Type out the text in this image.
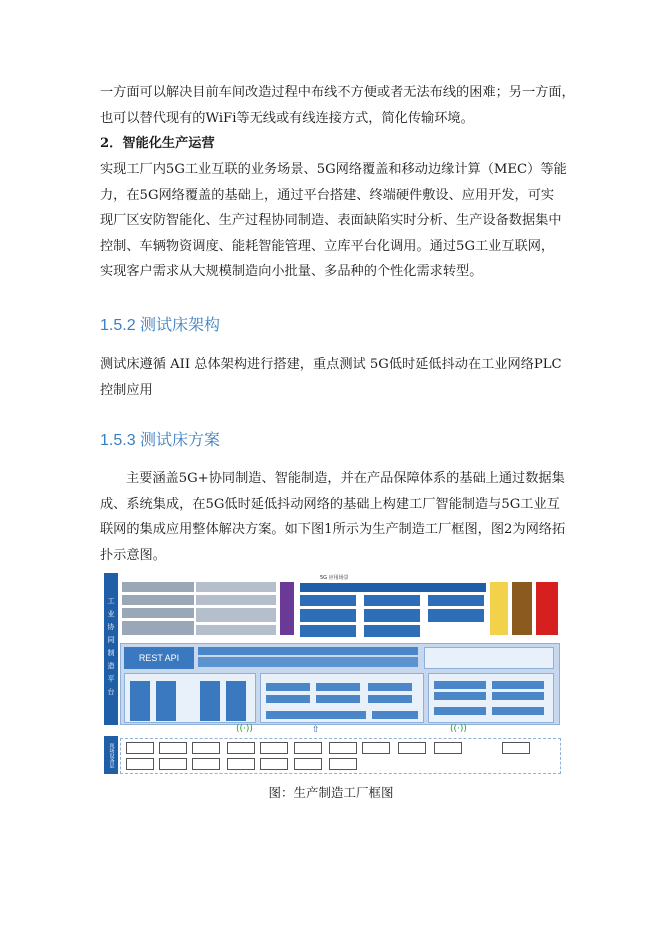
一方面可以解决目前车间改造过程中布线不方便或者无法布线的困难；另一方面，
也可以替代现有的WiFi等无线或有线连接方式，简化传输环境。
2．智能化生产运营
实现工厂内5G工业互联的业务场景、5G网络覆盖和移动边缘计算（MEC）等能
力，在5G网络覆盖的基础上，通过平台搭建、终端硬件敷设、应用开发，可实
现厂区安防智能化、生产过程协同制造、表面缺陷实时分析、生产设备数据集中
控制、车辆物资调度、能耗智能管理、立库平台化调用。通过5G工业互联网，
实现客户需求从大规模制造向小批量、多品种的个性化需求转型。
1.5.2 测试床架构
测试床遵循 AII 总体架构进行搭建，重点测试 5G低时延低抖动在工业网络PLC
控制应用
1.5.3 测试床方案
主要涵盖5G+协同制造、智能制造，并在产品保障体系的基础上通过数据集
成、系统集成，在5G低时延低抖动网络的基础上构建工厂智能制造与5G工业互
联网的集成应用整体解决方案。如下图1所示为生产制造工厂框图，图2为网络拓
扑示意图。
工业协同制造平台
现场设备层
5G 应用场景
REST API
((·))	((·))
⇧
图：生产制造工厂框图
